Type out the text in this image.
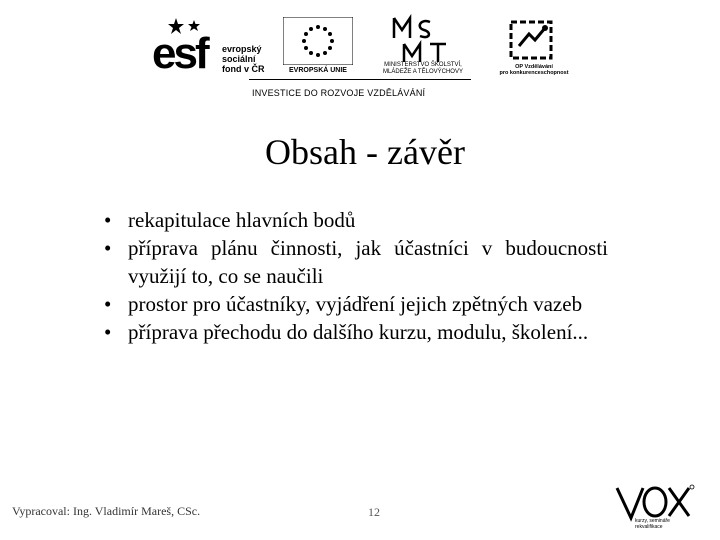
esf evropský
sociální
fond v ČR	EVROPSKÁ UNIE
MINISTERSTVO ŠKOLSTVÍ,
MLÁDEŽE A TĚLOVÝCHOVY
OP Vzdělávání
pro konkurenceschopnost
INVESTICE DO ROZVOJE VZDĚLÁVÁNÍ
Obsah - závěr
• rekapitulace hlavních bodů
• příprava plánu činnosti, jak účastníci v budoucnosti využijí to, co se naučili
• prostor pro účastníky, vyjádření jejich zpětných vazeb
• příprava přechodu do dalšího kurzu, modulu, školení...
Vypracoval: Ing. Vladimír Mareš, CSc.	12
kurzy, semináře
rekvalifikace
